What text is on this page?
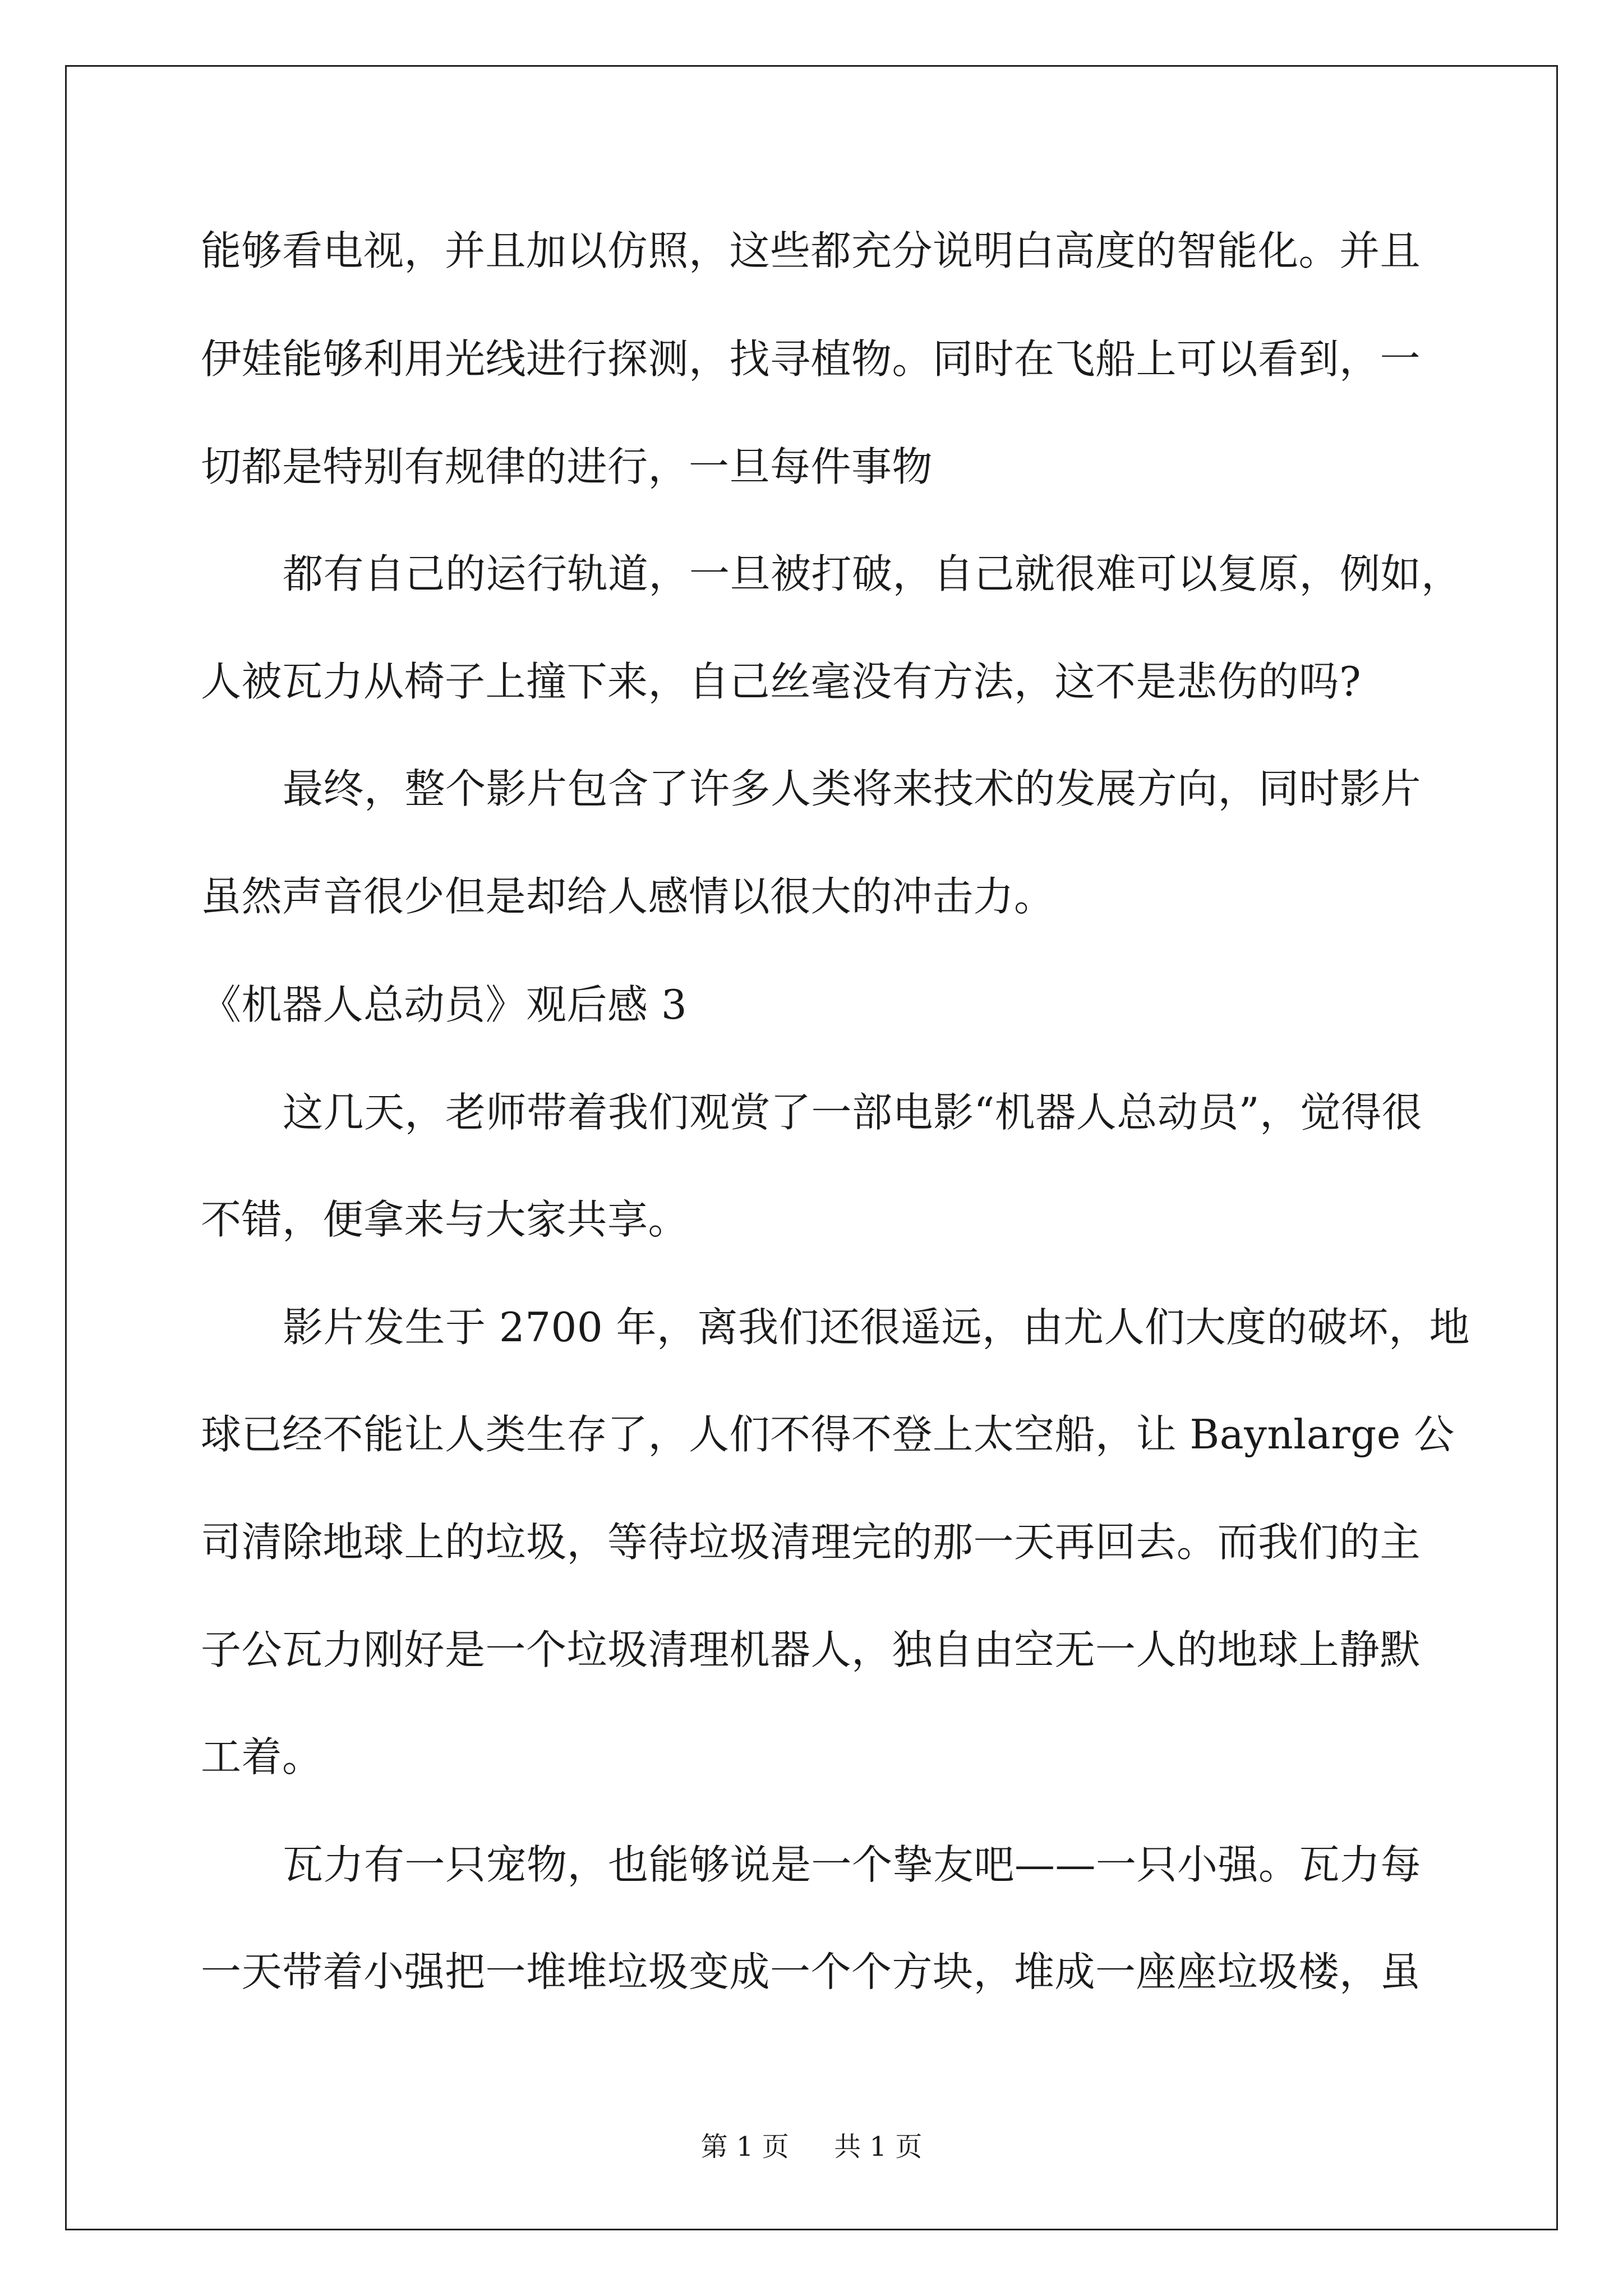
能够看电视，并且加以仿照，这些都充分说明白高度的智能化。并且
伊娃能够利用光线进行探测，找寻植物。同时在飞船上可以看到，一
切都是特别有规律的进行，一旦每件事物
都有自己的运行轨道，一旦被打破，自己就很难可以复原，例如，
人被瓦力从椅子上撞下来，自己丝毫没有方法，这不是悲伤的吗?
最终，整个影片包含了许多人类将来技术的发展方向，同时影片
虽然声音很少但是却给人感情以很大的冲击力。
《机器人总动员》观后感 3
这几天，老师带着我们观赏了一部电影“机器人总动员”，觉得很
不错，便拿来与大家共享。
影片发生于 2700 年，离我们还很遥远，由尤人们大度的破坏，地
球已经不能让人类生存了，人们不得不登上太空船，让 Baynlarge 公
司清除地球上的垃圾，等待垃圾清理完的那一天再回去。而我们的主
子公瓦力刚好是一个垃圾清理机器人，独自由空无一人的地球上静默
工着。
瓦力有一只宠物，也能够说是一个挚友吧——一只小强。瓦力每
一天带着小强把一堆堆垃圾变成一个个方块，堆成一座座垃圾楼，虽
第 1 页 共 1 页
